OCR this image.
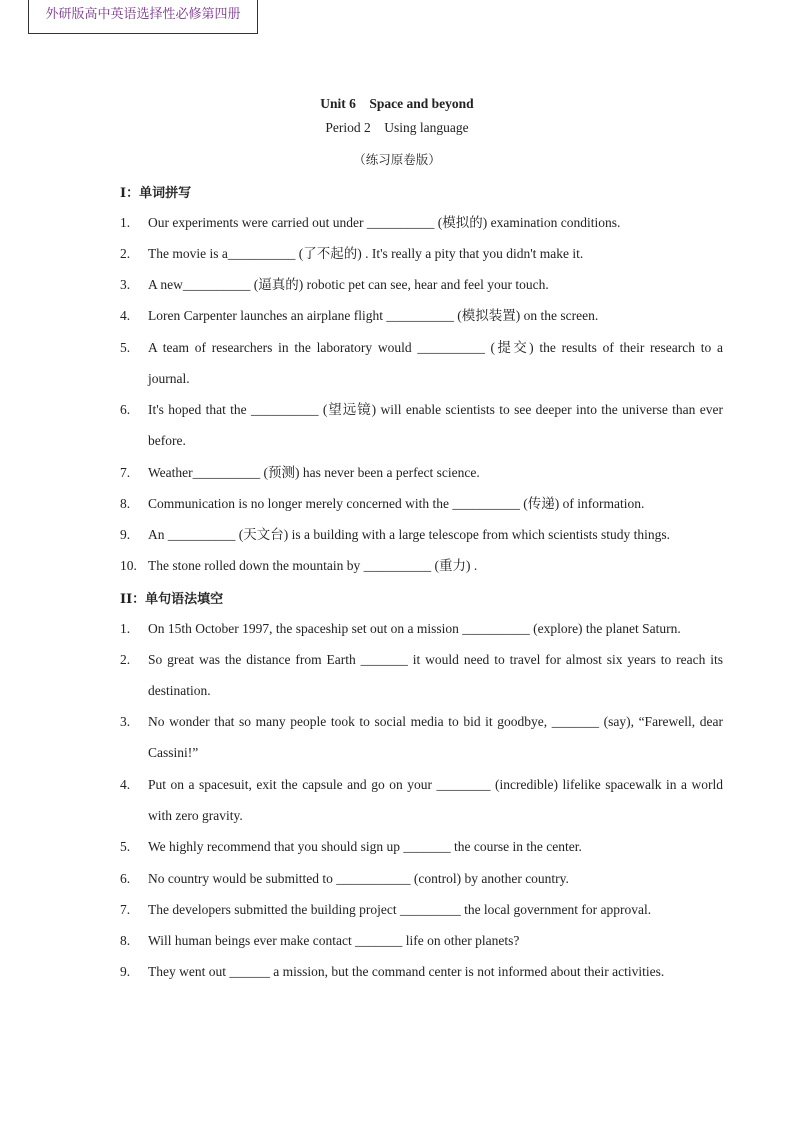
外研版高中英语选择性必修第四册
Unit 6    Space and beyond
Period 2    Using language
（练习原卷版）
I：单词拼写
1.	Our experiments were carried out under __________ (模拟的) examination conditions.
2.	The movie is a__________ (了不起的) . It's really a pity that you didn't make it.
3.	A new__________ (逼真的) robotic pet can see, hear and feel your touch.
4.	Loren Carpenter launches an airplane flight __________ (模拟装置) on the screen.
5.	A team of researchers in the laboratory would __________ (提交) the results of their research to a journal.
6.	It's hoped that the __________ (望远镜) will enable scientists to see deeper into the universe than ever before.
7.	Weather__________ (预测) has never been a perfect science.
8.	Communication is no longer merely concerned with the __________ (传递) of information.
9.	An __________ (天文台) is a building with a large telescope from which scientists study things.
10. The stone rolled down the mountain by __________ (重力) .
II：单句语法填空
1.	On 15th October 1997, the spaceship set out on a mission __________ (explore) the planet Saturn.
2.	So great was the distance from Earth _______ it would need to travel for almost six years to reach its destination.
3.	No wonder that so many people took to social media to bid it goodbye, _______ (say), “Farewell, dear Cassini!”
4.	Put on a spacesuit, exit the capsule and go on your ________ (incredible) lifelike spacewalk in a world with zero gravity.
5.	We highly recommend that you should sign up _______ the course in the center.
6.	No country would be submitted to ___________ (control) by another country.
7.	The developers submitted the building project _________ the local government for approval.
8.	Will human beings ever make contact _______ life on other planets?
9.	They went out ______ a mission, but the command center is not informed about their activities.
